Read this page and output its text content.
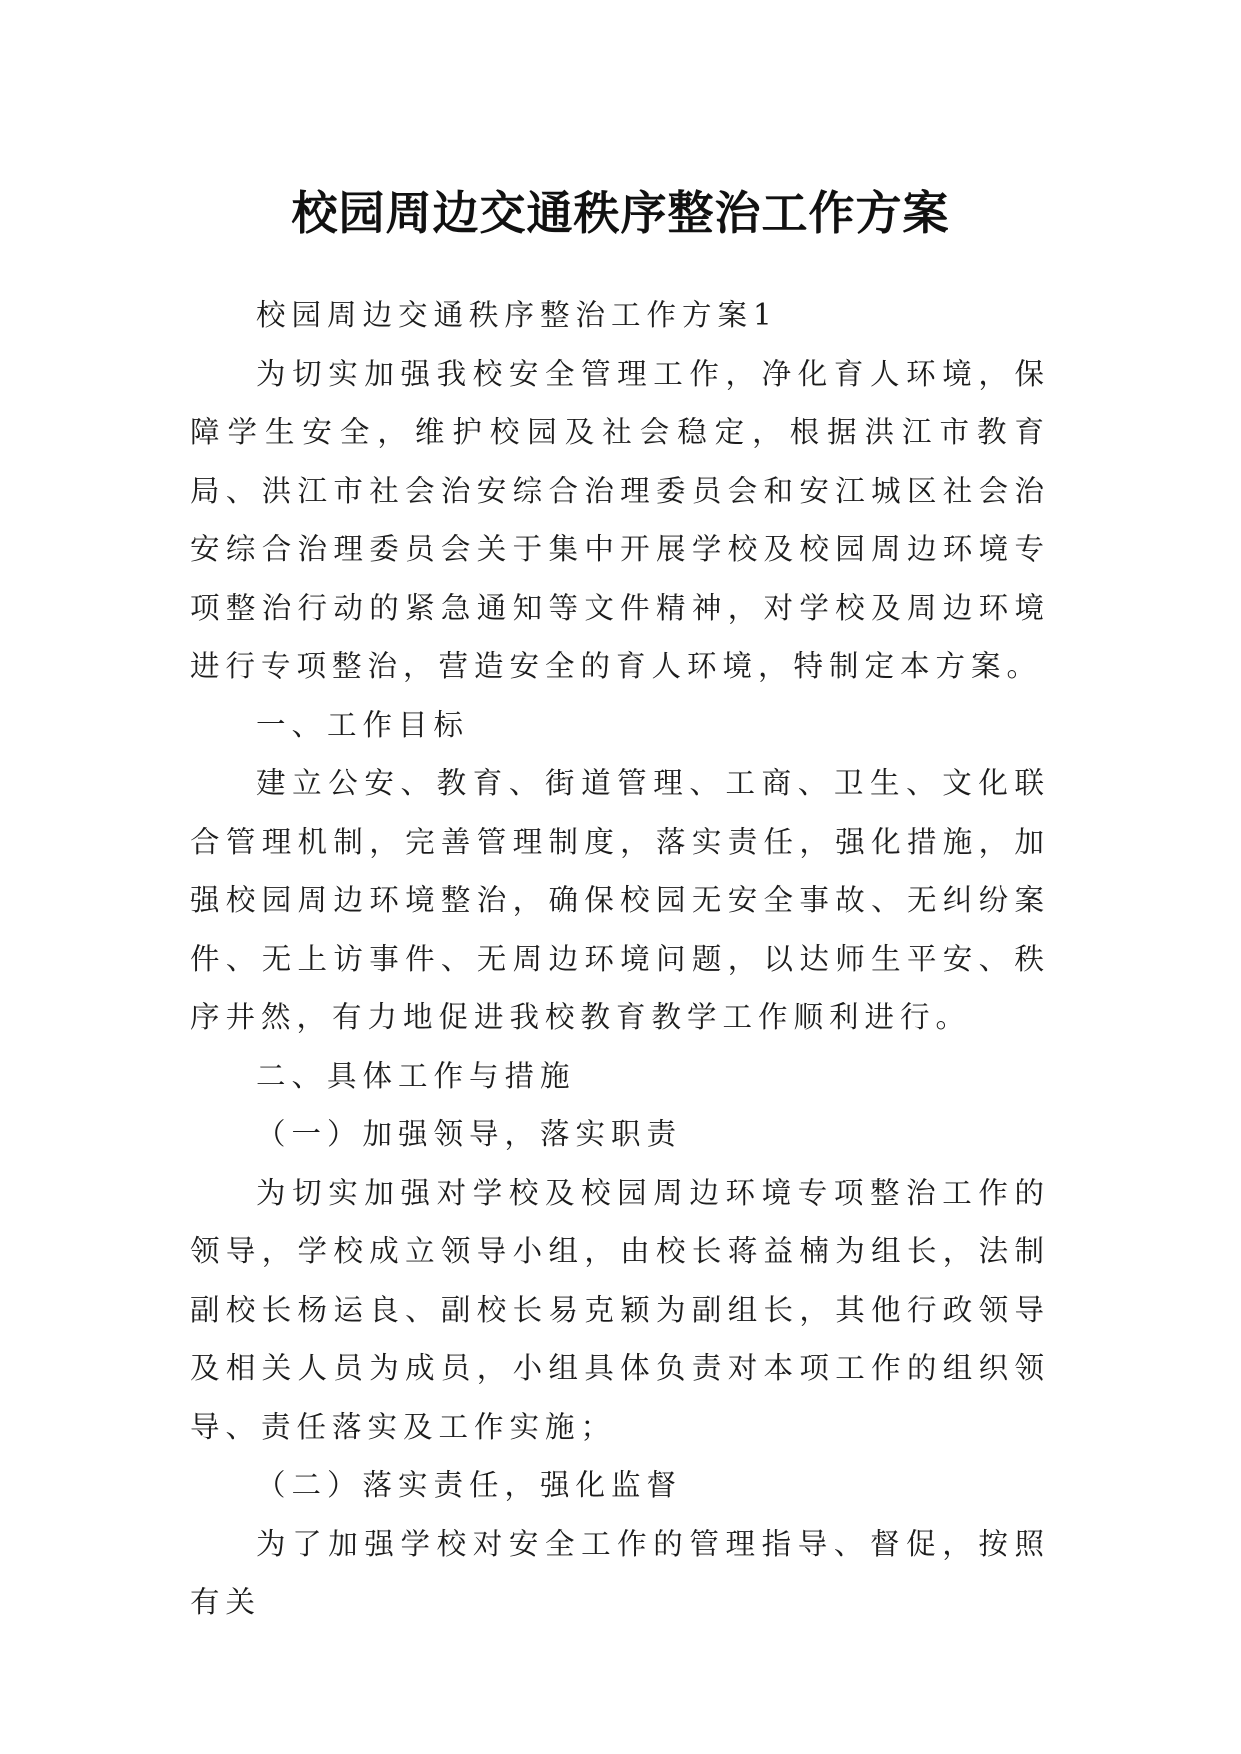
校园周边交通秩序整治工作方案

校园周边交通秩序整治工作方案1

为切实加强我校安全管理工作，净化育人环境，保障学生安全，维护校园及社会稳定，根据洪江市教育局、洪江市社会治安综合治理委员会和安江城区社会治安综合治理委员会关于集中开展学校及校园周边环境专项整治行动的紧急通知等文件精神，对学校及周边环境进行专项整治，营造安全的育人环境，特制定本方案。

一、工作目标

建立公安、教育、街道管理、工商、卫生、文化联合管理机制，完善管理制度，落实责任，强化措施，加强校园周边环境整治，确保校园无安全事故、无纠纷案件、无上访事件、无周边环境问题，以达师生平安、秩序井然，有力地促进我校教育教学工作顺利进行。

二、具体工作与措施

（一）加强领导，落实职责

为切实加强对学校及校园周边环境专项整治工作的领导，学校成立领导小组，由校长蒋益楠为组长，法制副校长杨运良、副校长易克颖为副组长，其他行政领导及相关人员为成员，小组具体负责对本项工作的组织领导、责任落实及工作实施；

（二）落实责任，强化监督

为了加强学校对安全工作的管理指导、督促，按照有关
